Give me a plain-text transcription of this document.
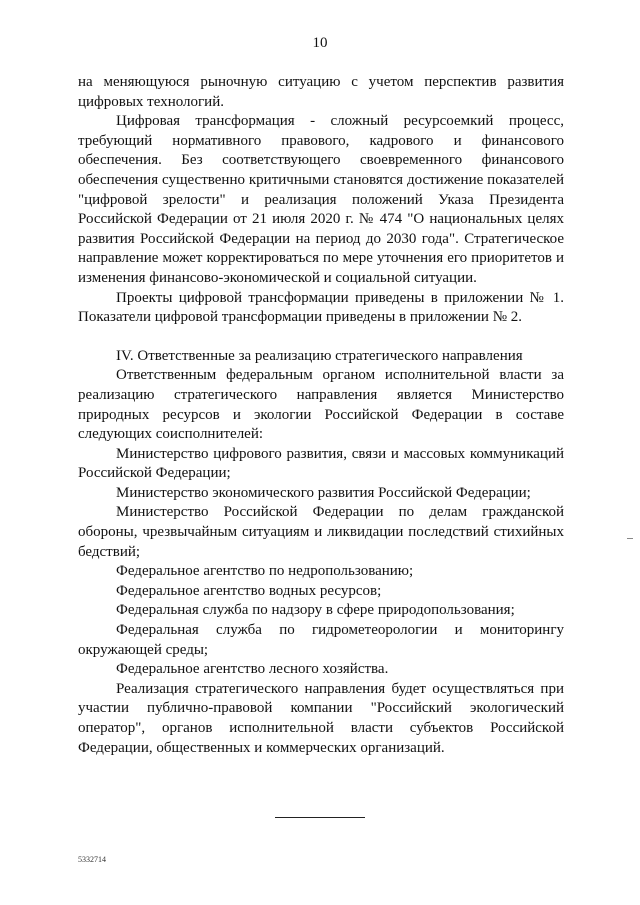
10

на меняющуюся рыночную ситуацию с учетом перспектив развития цифровых технологий.

Цифровая трансформация - сложный ресурсоемкий процесс, требующий нормативного правового, кадрового и финансового обеспечения. Без соответствующего своевременного финансового обеспечения существенно критичными становятся достижение показателей "цифровой зрелости" и реализация положений Указа Президента Российской Федерации от 21 июля 2020 г. № 474 "О национальных целях развития Российской Федерации на период до 2030 года". Стратегическое направление может корректироваться по мере уточнения его приоритетов и изменения финансово-экономической и социальной ситуации.

Проекты цифровой трансформации приведены в приложении № 1. Показатели цифровой трансформации приведены в приложении № 2.

IV. Ответственные за реализацию стратегического направления

Ответственным федеральным органом исполнительной власти за реализацию стратегического направления является Министерство природных ресурсов и экологии Российской Федерации в составе следующих соисполнителей:

Министерство цифрового развития, связи и массовых коммуникаций Российской Федерации;

Министерство экономического развития Российской Федерации;

Министерство Российской Федерации по делам гражданской обороны, чрезвычайным ситуациям и ликвидации последствий стихийных бедствий;

Федеральное агентство по недропользованию;

Федеральное агентство водных ресурсов;

Федеральная служба по надзору в сфере природопользования;

Федеральная служба по гидрометеорологии и мониторингу окружающей среды;

Федеральное агентство лесного хозяйства.

Реализация стратегического направления будет осуществляться при участии публично-правовой компании "Российский экологический оператор", органов исполнительной власти субъектов Российской Федерации, общественных и коммерческих организаций.

5332714
